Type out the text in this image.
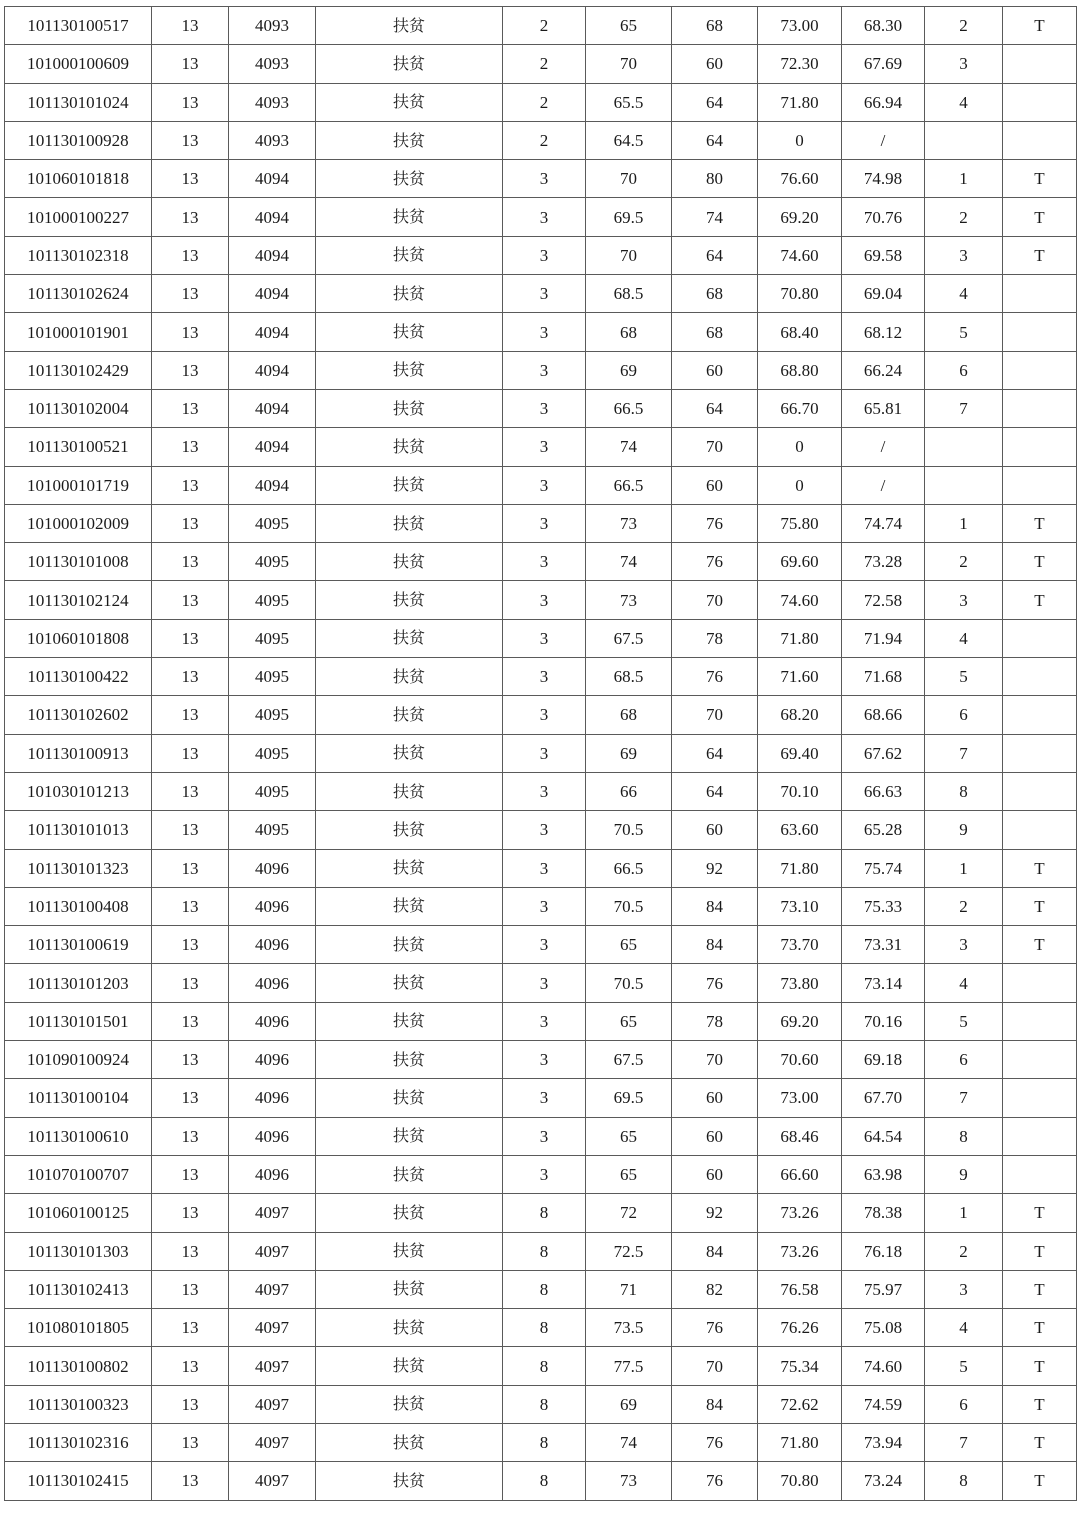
101130100517	13	4093	扶贫	2	65	68	73.00	68.30	2	T
101000100609	13	4093	扶贫	2	70	60	72.30	67.69	3	
101130101024	13	4093	扶贫	2	65.5	64	71.80	66.94	4	
101130100928	13	4093	扶贫	2	64.5	64	0	/		
101060101818	13	4094	扶贫	3	70	80	76.60	74.98	1	T
101000100227	13	4094	扶贫	3	69.5	74	69.20	70.76	2	T
101130102318	13	4094	扶贫	3	70	64	74.60	69.58	3	T
101130102624	13	4094	扶贫	3	68.5	68	70.80	69.04	4	
101000101901	13	4094	扶贫	3	68	68	68.40	68.12	5	
101130102429	13	4094	扶贫	3	69	60	68.80	66.24	6	
101130102004	13	4094	扶贫	3	66.5	64	66.70	65.81	7	
101130100521	13	4094	扶贫	3	74	70	0	/		
101000101719	13	4094	扶贫	3	66.5	60	0	/		
101000102009	13	4095	扶贫	3	73	76	75.80	74.74	1	T
101130101008	13	4095	扶贫	3	74	76	69.60	73.28	2	T
101130102124	13	4095	扶贫	3	73	70	74.60	72.58	3	T
101060101808	13	4095	扶贫	3	67.5	78	71.80	71.94	4	
101130100422	13	4095	扶贫	3	68.5	76	71.60	71.68	5	
101130102602	13	4095	扶贫	3	68	70	68.20	68.66	6	
101130100913	13	4095	扶贫	3	69	64	69.40	67.62	7	
101030101213	13	4095	扶贫	3	66	64	70.10	66.63	8	
101130101013	13	4095	扶贫	3	70.5	60	63.60	65.28	9	
101130101323	13	4096	扶贫	3	66.5	92	71.80	75.74	1	T
101130100408	13	4096	扶贫	3	70.5	84	73.10	75.33	2	T
101130100619	13	4096	扶贫	3	65	84	73.70	73.31	3	T
101130101203	13	4096	扶贫	3	70.5	76	73.80	73.14	4	
101130101501	13	4096	扶贫	3	65	78	69.20	70.16	5	
101090100924	13	4096	扶贫	3	67.5	70	70.60	69.18	6	
101130100104	13	4096	扶贫	3	69.5	60	73.00	67.70	7	
101130100610	13	4096	扶贫	3	65	60	68.46	64.54	8	
101070100707	13	4096	扶贫	3	65	60	66.60	63.98	9	
101060100125	13	4097	扶贫	8	72	92	73.26	78.38	1	T
101130101303	13	4097	扶贫	8	72.5	84	73.26	76.18	2	T
101130102413	13	4097	扶贫	8	71	82	76.58	75.97	3	T
101080101805	13	4097	扶贫	8	73.5	76	76.26	75.08	4	T
101130100802	13	4097	扶贫	8	77.5	70	75.34	74.60	5	T
101130100323	13	4097	扶贫	8	69	84	72.62	74.59	6	T
101130102316	13	4097	扶贫	8	74	76	71.80	73.94	7	T
101130102415	13	4097	扶贫	8	73	76	70.80	73.24	8	T
